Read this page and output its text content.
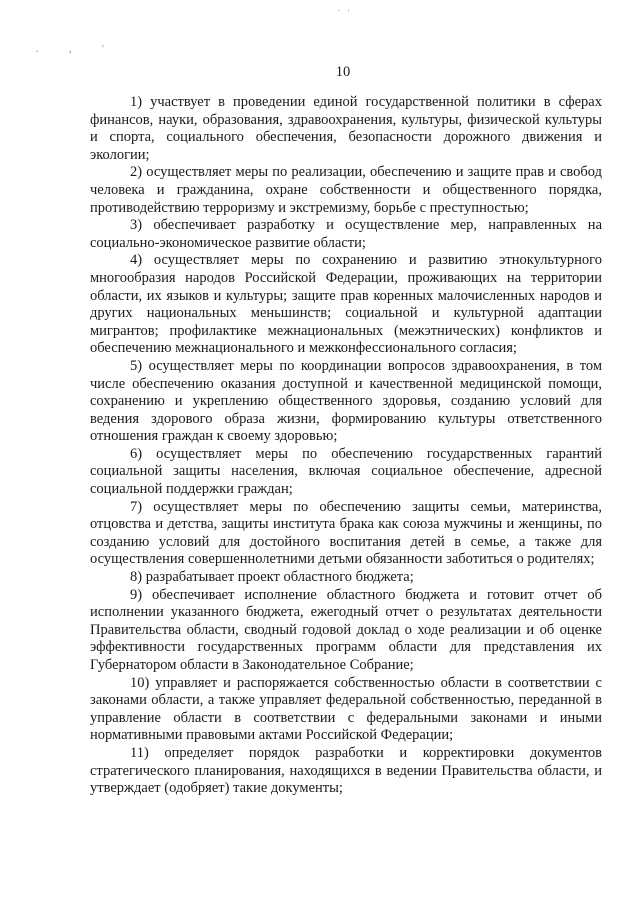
' '
. , '
10

1) участвует в проведении единой государственной политики в сферах финансов, науки, образования, здравоохранения, культуры, физической культуры и спорта, социального обеспечения, безопасности дорожного движения и экологии;

2) осуществляет меры по реализации, обеспечению и защите прав и свобод человека и гражданина, охране собственности и общественного порядка, противодействию терроризму и экстремизму, борьбе с преступностью;

3) обеспечивает разработку и осуществление мер, направленных на социально-экономическое развитие области;

4) осуществляет меры по сохранению и развитию этнокультурного многообразия народов Российской Федерации, проживающих на территории области, их языков и культуры; защите прав коренных малочисленных народов и других национальных меньшинств; социальной и культурной адаптации мигрантов; профилактике межнациональных (межэтнических) конфликтов и обеспечению межнационального и межконфессионального согласия;

5) осуществляет меры по координации вопросов здравоохранения, в том числе обеспечению оказания доступной и качественной медицинской помощи, сохранению и укреплению общественного здоровья, созданию условий для ведения здорового образа жизни, формированию культуры ответственного отношения граждан к своему здоровью;

6) осуществляет меры по обеспечению государственных гарантий социальной защиты населения, включая социальное обеспечение, адресной социальной поддержки граждан;

7) осуществляет меры по обеспечению защиты семьи, материнства, отцовства и детства, защиты института брака как союза мужчины и женщины, по созданию условий для достойного воспитания детей в семье, а также для осуществления совершеннолетними детьми обязанности заботиться о родителях;

8) разрабатывает проект областного бюджета;

9) обеспечивает исполнение областного бюджета и готовит отчет об исполнении указанного бюджета, ежегодный отчет о результатах деятельности Правительства области, сводный годовой доклад о ходе реализации и об оценке эффективности государственных программ области для представления их Губернатором области в Законодательное Собрание;

10) управляет и распоряжается собственностью области в соответствии с законами области, а также управляет федеральной собственностью, переданной в управление области в соответствии с федеральными законами и иными нормативными правовыми актами Российской Федерации;

11) определяет порядок разработки и корректировки документов стратегического планирования, находящихся в ведении Правительства области, и утверждает (одобряет) такие документы;
